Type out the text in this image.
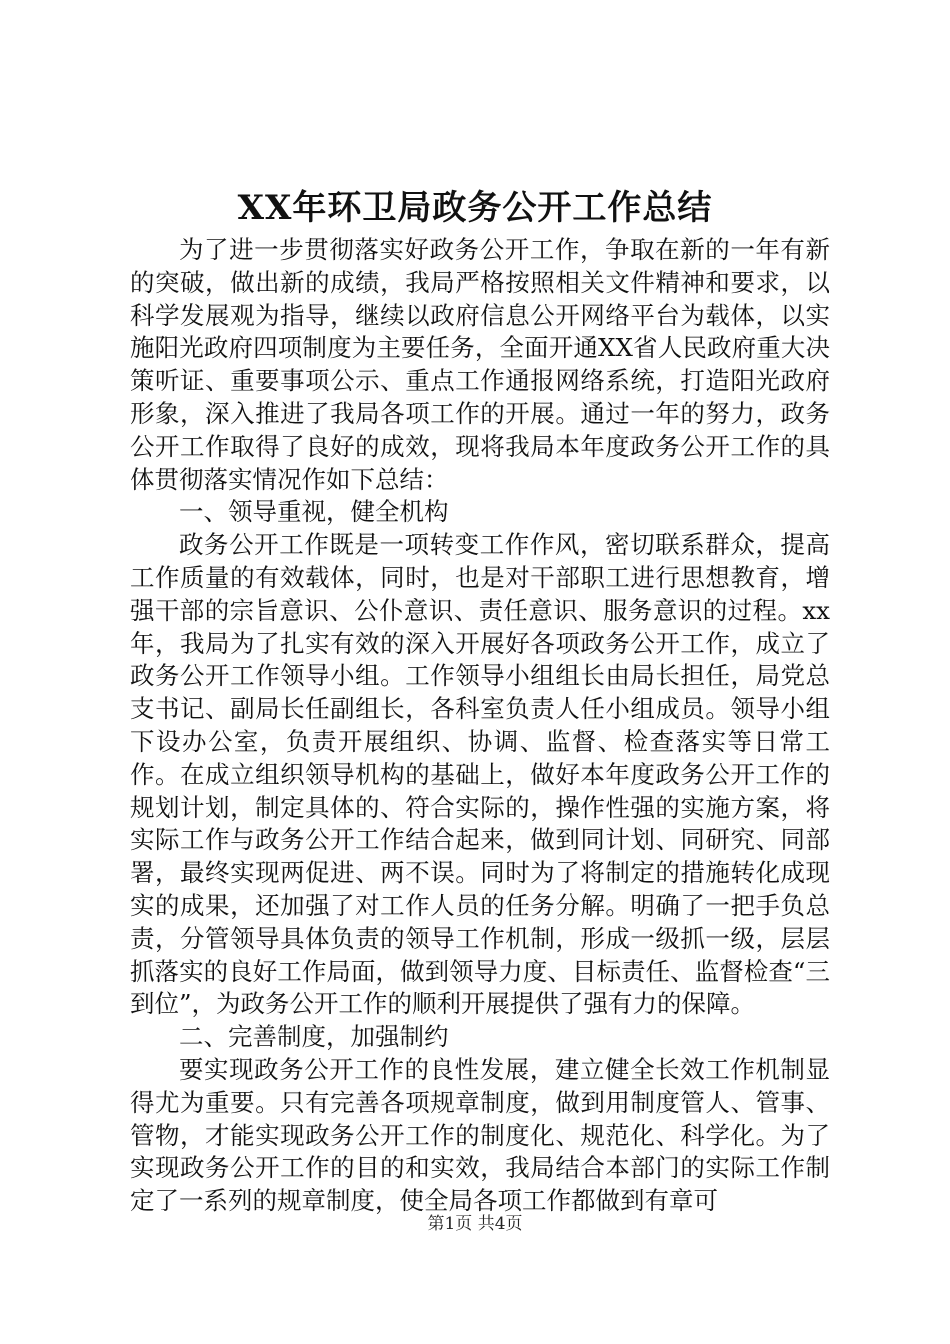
XX年环卫局政务公开工作总结

为了进一步贯彻落实好政务公开工作，争取在新的一年有新的突破，做出新的成绩，我局严格按照相关文件精神和要求，以科学发展观为指导，继续以政府信息公开网络平台为载体，以实施阳光政府四项制度为主要任务，全面开通XX省人民政府重大决策听证、重要事项公示、重点工作通报网络系统，打造阳光政府形象，深入推进了我局各项工作的开展。通过一年的努力，政务公开工作取得了良好的成效，现将我局本年度政务公开工作的具体贯彻落实情况作如下总结：

一、领导重视，健全机构

政务公开工作既是一项转变工作作风，密切联系群众，提高工作质量的有效载体，同时，也是对干部职工进行思想教育，增强干部的宗旨意识、公仆意识、责任意识、服务意识的过程。xx年，我局为了扎实有效的深入开展好各项政务公开工作，成立了政务公开工作领导小组。工作领导小组组长由局长担任，局党总支书记、副局长任副组长，各科室负责人任小组成员。领导小组下设办公室，负责开展组织、协调、监督、检查落实等日常工作。在成立组织领导机构的基础上，做好本年度政务公开工作的规划计划，制定具体的、符合实际的，操作性强的实施方案，将实际工作与政务公开工作结合起来，做到同计划、同研究、同部署，最终实现两促进、两不误。同时为了将制定的措施转化成现实的成果，还加强了对工作人员的任务分解。明确了一把手负总责，分管领导具体负责的领导工作机制，形成一级抓一级，层层抓落实的良好工作局面，做到领导力度、目标责任、监督检查“三到位”，为政务公开工作的顺利开展提供了强有力的保障。

二、完善制度，加强制约

要实现政务公开工作的良性发展，建立健全长效工作机制显得尤为重要。只有完善各项规章制度，做到用制度管人、管事、管物，才能实现政务公开工作的制度化、规范化、科学化。为了实现政务公开工作的目的和实效，我局结合本部门的实际工作制定了一系列的规章制度，使全局各项工作都做到有章可

第1页 共4页
